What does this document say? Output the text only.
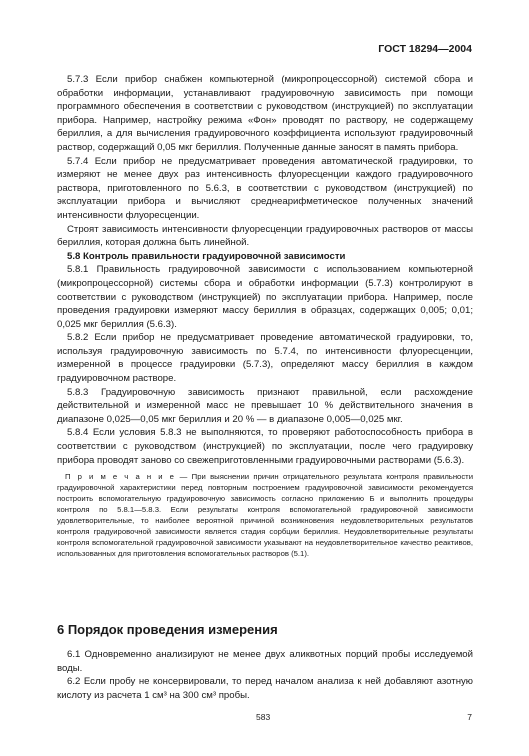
ГОСТ 18294—2004

5.7.3 Если прибор снабжен компьютерной (микропроцессорной) системой сбора и обработки информации, устанавливают градуировочную зависимость при помощи программного обеспечения в соответствии с руководством (инструкцией) по эксплуатации прибора. Например, настройку режима «Фон» проводят по раствору, не содержащему бериллия, а для вычисления градуировочного коэффициента используют градуировочный раствор, содержащий 0,05 мкг бериллия. Полученные данные заносят в память прибора.

5.7.4 Если прибор не предусматривает проведения автоматической градуировки, то измеряют не менее двух раз интенсивность флуоресценции каждого градуировочного раствора, приготовленного по 5.6.3, в соответствии с руководством (инструкцией) по эксплуатации прибора и вычисляют среднеарифметическое полученных значений интенсивности флуоресценции.

Строят зависимость интенсивности флуоресценции градуировочных растворов от массы бериллия, которая должна быть линейной.

5.8 Контроль правильности градуировочной зависимости

5.8.1 Правильность градуировочной зависимости с использованием компьютерной (микропроцессорной) системы сбора и обработки информации (5.7.3) контролируют в соответствии с руководством (инструкцией) по эксплуатации прибора. Например, после проведения градуировки измеряют массу бериллия в образцах, содержащих 0,005; 0,01; 0,025 мкг бериллия (5.6.3).

5.8.2 Если прибор не предусматривает проведение автоматической градуировки, то, используя градуировочную зависимость по 5.7.4, по интенсивности флуоресценции, измеренной в процессе градуировки (5.7.3), определяют массу бериллия в каждом градуировочном растворе.

5.8.3 Градуировочную зависимость признают правильной, если расхождение действительной и измеренной масс не превышает 10 % действительного значения в диапазоне 0,025—0,05 мкг бериллия и 20 % — в диапазоне 0,005—0,025 мкг.

5.8.4 Если условия 5.8.3 не выполняются, то проверяют работоспособность прибора в соответствии с руководством (инструкцией) по эксплуатации, после чего градуировку прибора проводят заново со свежеприготовленными градуировочными растворами (5.6.3).

П р и м е ч а н и е — При выяснении причин отрицательного результата контроля правильности градуировочной характеристики перед повторным построением градуировочной зависимости рекомендуется построить вспомогательную градуировочную зависимость согласно приложению Б и выполнить процедуры контроля по 5.8.1—5.8.3. Если результаты контроля вспомогательной градуировочной зависимости удовлетворительные, то наиболее вероятной причиной возникновения неудовлетворительных результатов контроля градуировочной зависимости является стадия сорбции бериллия. Неудовлетворительные результаты контроля вспомогательной градуировочной зависимости указывают на неудовлетворительное качество реактивов, использованных для приготовления вспомогательных растворов (5.1).

6 Порядок проведения измерения

6.1 Одновременно анализируют не менее двух аликвотных порций пробы исследуемой воды.

6.2 Если пробу не консервировали, то перед началом анализа к ней добавляют азотную кислоту из расчета 1 см³ на 300 см³ пробы.

583	7
